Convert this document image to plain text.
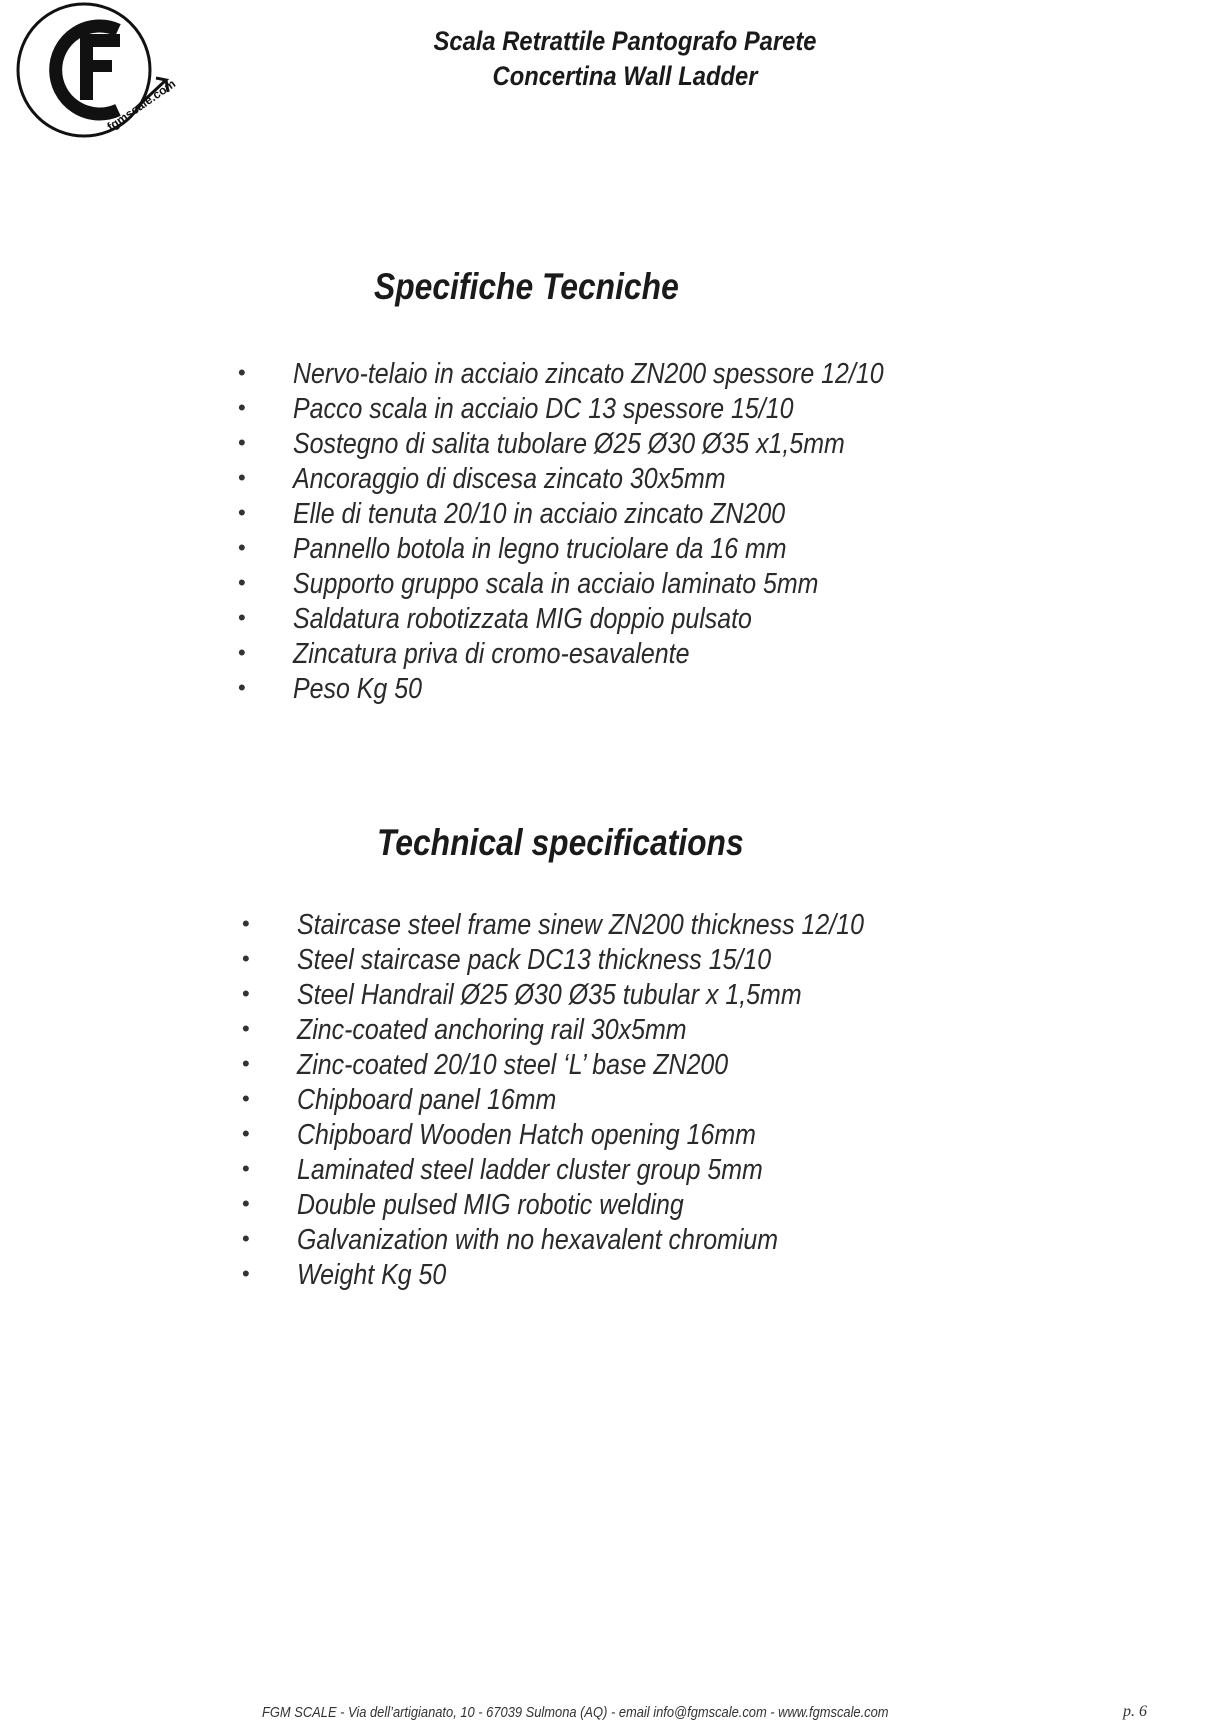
fgmscale.com
Scala Retrattile Pantografo Parete
Concertina Wall Ladder
Specifiche Tecniche
• Nervo-telaio in acciaio zincato ZN200 spessore 12/10
• Pacco scala in acciaio DC 13 spessore 15/10
• Sostegno di salita tubolare Ø25 Ø30 Ø35 x1,5mm
• Ancoraggio di discesa zincato 30x5mm
• Elle di tenuta 20/10 in acciaio zincato ZN200
• Pannello botola in legno truciolare da 16 mm
• Supporto gruppo scala in acciaio laminato 5mm
• Saldatura robotizzata MIG doppio pulsato
• Zincatura priva di cromo-esavalente
• Peso Kg 50
Technical specifications
• Staircase steel frame sinew ZN200 thickness 12/10
• Steel staircase pack DC13 thickness 15/10
• Steel Handrail Ø25 Ø30 Ø35 tubular x 1,5mm
• Zinc-coated anchoring rail 30x5mm
• Zinc-coated 20/10 steel ‘L’ base ZN200
• Chipboard panel 16mm
• Chipboard Wooden Hatch opening 16mm
• Laminated steel ladder cluster group 5mm
• Double pulsed MIG robotic welding
• Galvanization with no hexavalent chromium
• Weight Kg 50
FGM SCALE - Via dell’artigianato, 10 - 67039 Sulmona (AQ) - email info@fgmscale.com - www.fgmscale.com	p. 6
